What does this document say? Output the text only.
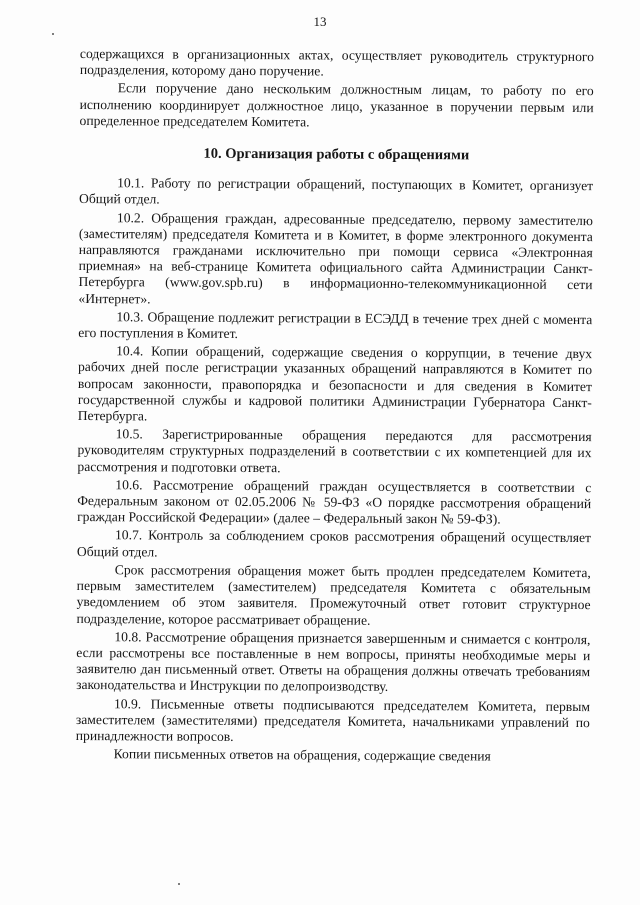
13

содержащихся в организационных актах, осуществляет руководитель структурного подразделения, которому дано поручение.

Если поручение дано нескольким должностным лицам, то работу по его исполнению координирует должностное лицо, указанное в поручении первым или определенное председателем Комитета.

10. Организация работы с обращениями

10.1. Работу по регистрации обращений, поступающих в Комитет, организует Общий отдел.

10.2. Обращения граждан, адресованные председателю, первому заместителю (заместителям) председателя Комитета и в Комитет, в форме электронного документа направляются гражданами исключительно при помощи сервиса «Электронная приемная» на веб-странице Комитета официального сайта Администрации Санкт-Петербурга (www.gov.spb.ru) в информационно-телекоммуникационной сети «Интернет».

10.3. Обращение подлежит регистрации в ЕСЭДД в течение трех дней с момента его поступления в Комитет.

10.4. Копии обращений, содержащие сведения о коррупции, в течение двух рабочих дней после регистрации указанных обращений направляются в Комитет по вопросам законности, правопорядка и безопасности и для сведения в Комитет государственной службы и кадровой политики Администрации Губернатора Санкт-Петербурга.

10.5. Зарегистрированные обращения передаются для рассмотрения руководителям структурных подразделений в соответствии с их компетенцией для их рассмотрения и подготовки ответа.

10.6. Рассмотрение обращений граждан осуществляется в соответствии с Федеральным законом от 02.05.2006 № 59-ФЗ «О порядке рассмотрения обращений граждан Российской Федерации» (далее – Федеральный закон № 59-ФЗ).

10.7. Контроль за соблюдением сроков рассмотрения обращений осуществляет Общий отдел.

Срок рассмотрения обращения может быть продлен председателем Комитета, первым заместителем (заместителем) председателя Комитета с обязательным уведомлением об этом заявителя. Промежуточный ответ готовит структурное подразделение, которое рассматривает обращение.

10.8. Рассмотрение обращения признается завершенным и снимается с контроля, если рассмотрены все поставленные в нем вопросы, приняты необходимые меры и заявителю дан письменный ответ. Ответы на обращения должны отвечать требованиям законодательства и Инструкции по делопроизводству.

10.9. Письменные ответы подписываются председателем Комитета, первым заместителем (заместителями) председателя Комитета, начальниками управлений по принадлежности вопросов.

Копии письменных ответов на обращения, содержащие сведения
